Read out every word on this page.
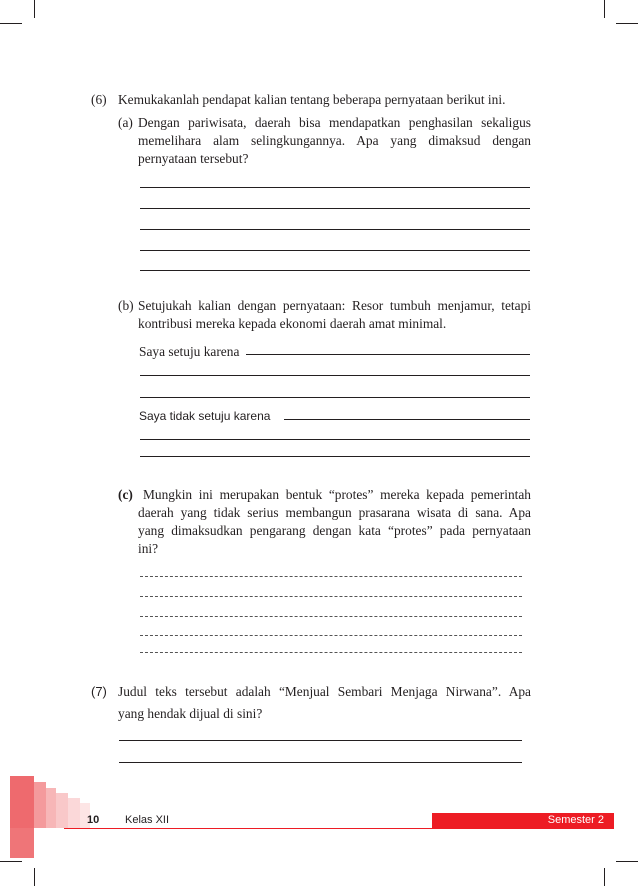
(6) Kemukakanlah pendapat kalian tentang beberapa pernyataan berikut ini.
(a) Dengan pariwisata, daerah bisa mendapatkan penghasilan sekaligus
memelihara alam selingkungannya. Apa yang dimaksud dengan
pernyataan tersebut?
(b) Setujukah kalian dengan pernyataan: Resor tumbuh menjamur, tetapi
kontribusi mereka kepada ekonomi daerah amat minimal.
Saya setuju karena
Saya tidak setuju karena
(c) Mungkin ini merupakan bentuk “protes” mereka kepada pemerintah
daerah yang tidak serius membangun prasarana wisata di sana. Apa
yang dimaksudkan pengarang dengan kata “protes” pada pernyataan
ini?
(7) Judul teks tersebut adalah “Menjual Sembari Menjaga Nirwana”. Apa
yang hendak dijual di sini?
10 Kelas XII	Semester 2
